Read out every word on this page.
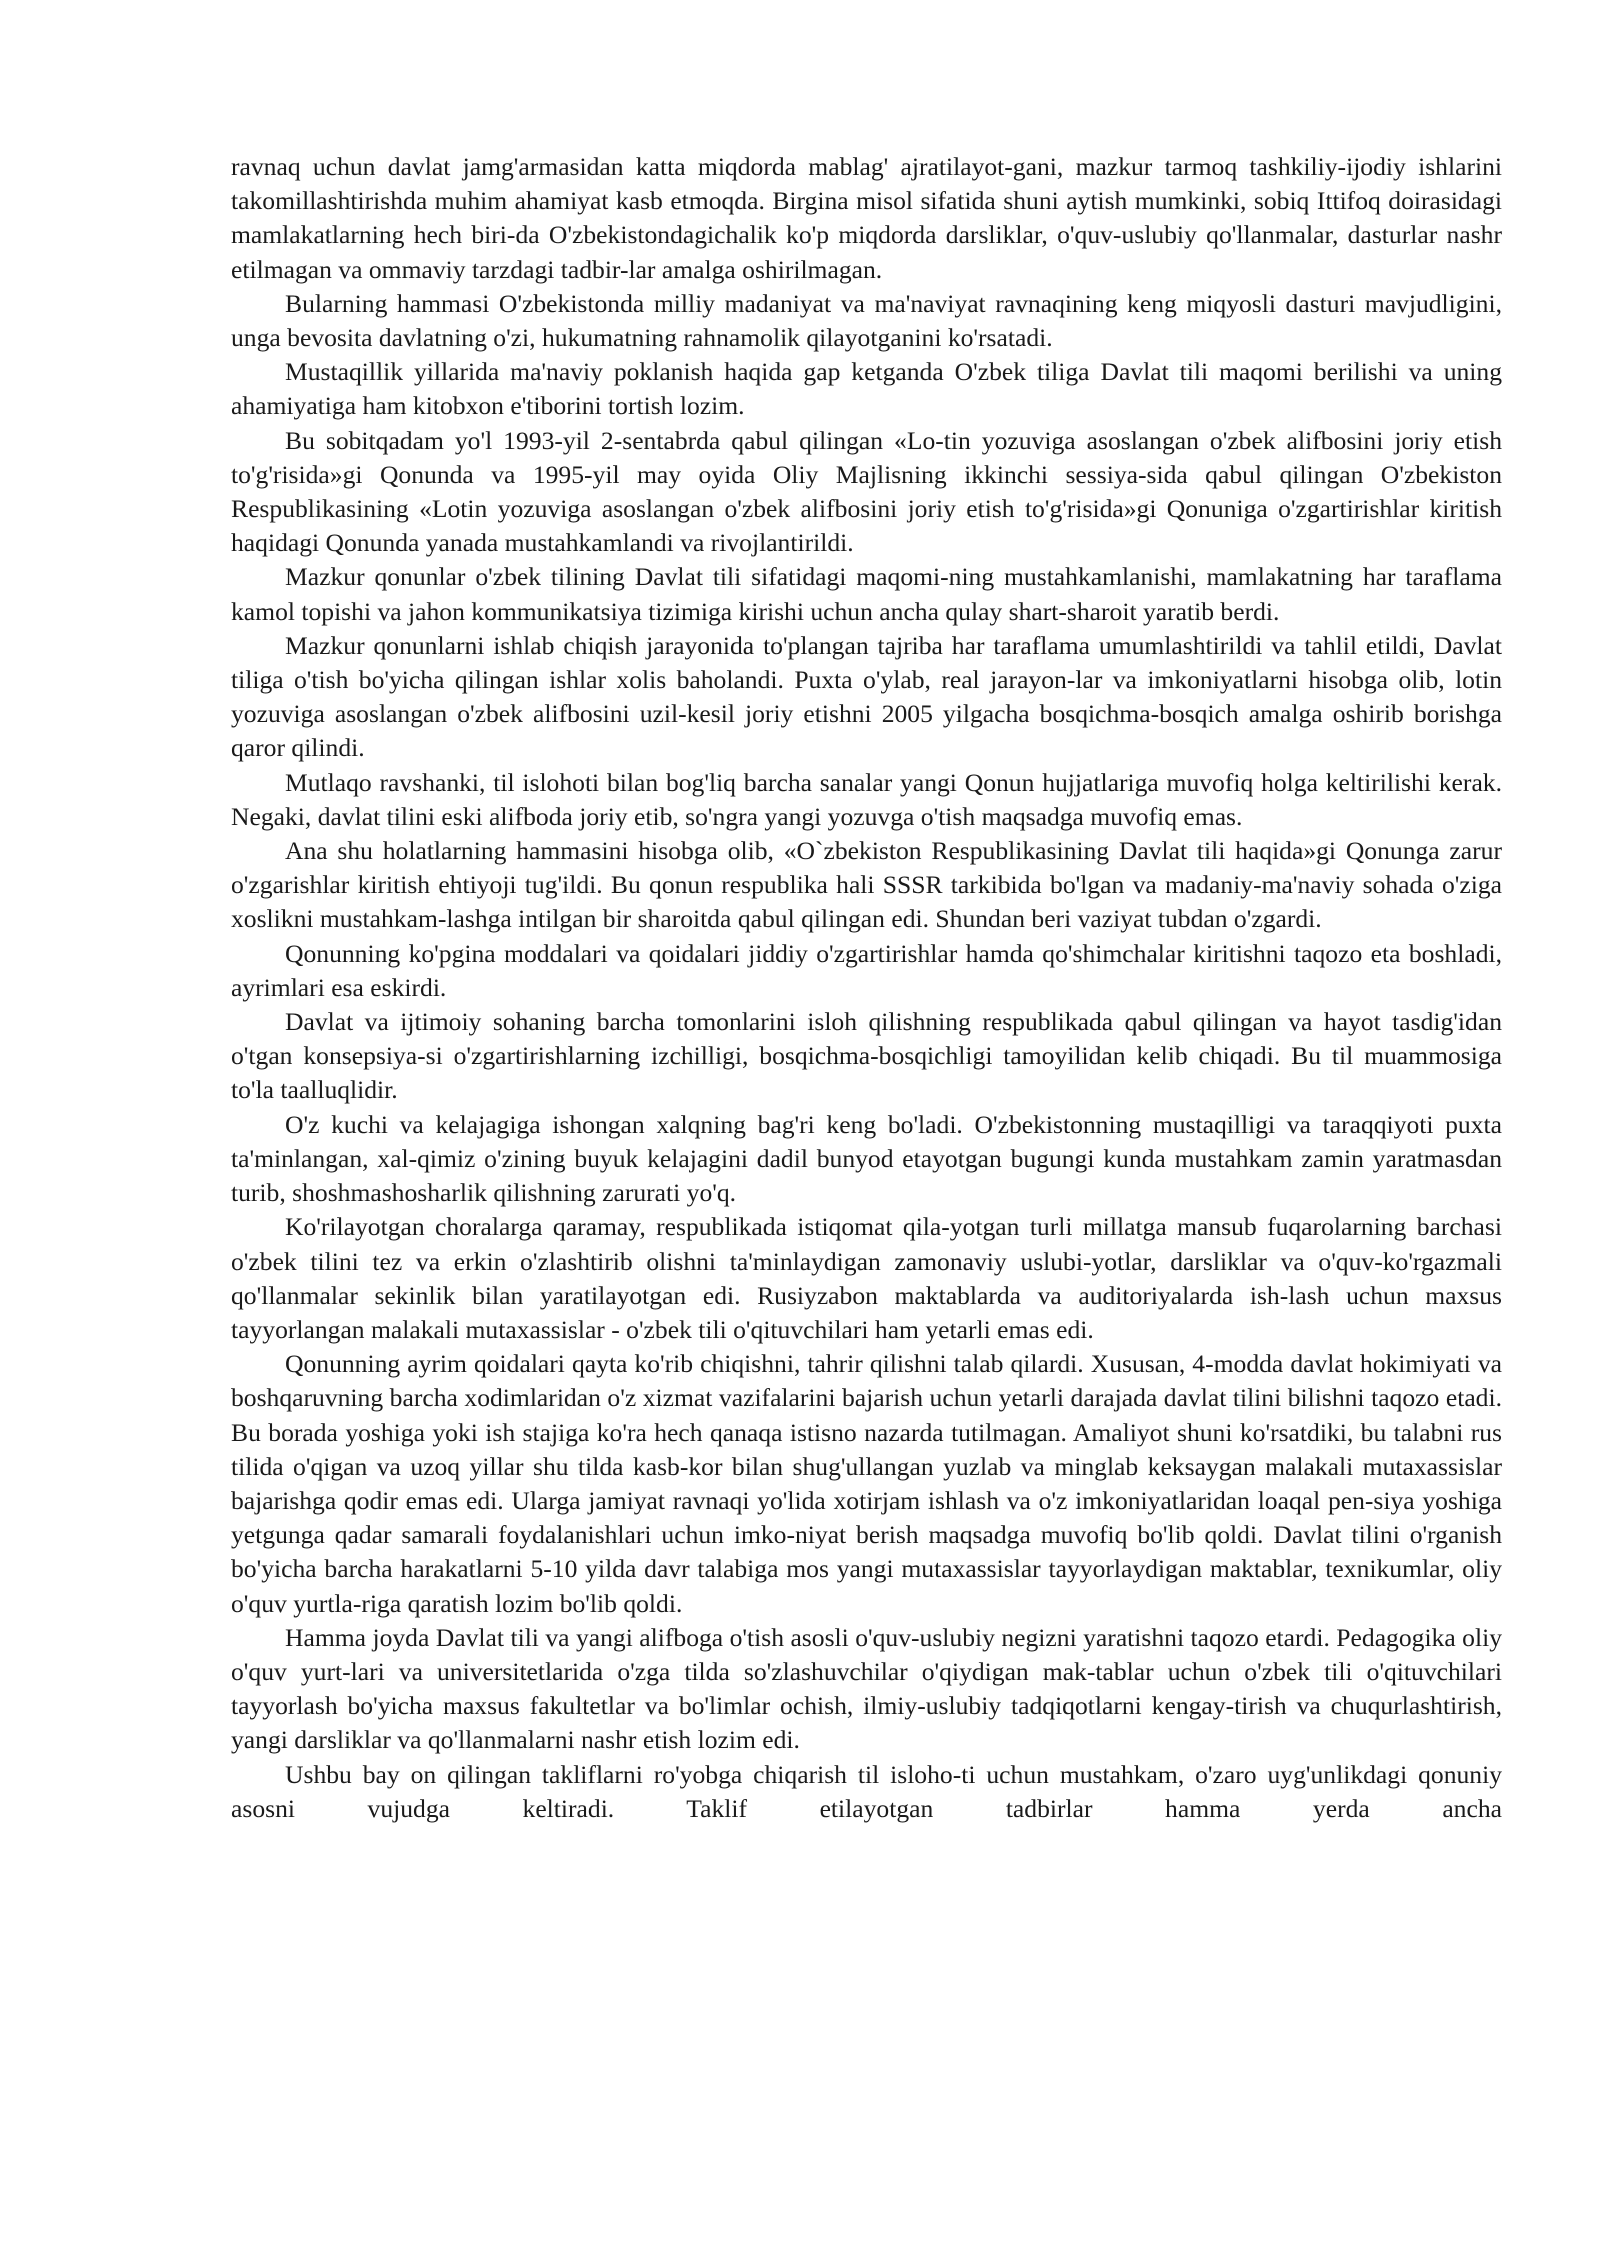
ravnaq uchun davlat jamg'armasidan katta miqdorda mablag' ajratilayot-gani, mazkur tarmoq tashkiliy-ijodiy ishlarini takomillashtirishda muhim ahamiyat kasb etmoqda. Birgina misol sifatida shuni aytish mumkinki, sobiq Ittifoq doirasidagi mamlakatlarning hech biri-da O'zbekistondagichalik ko'p miqdorda darsliklar, o'quv-uslubiy qo'llanmalar, dasturlar nashr etilmagan va ommaviy tarzdagi tadbir-lar amalga oshirilmagan.

Bularning hammasi O'zbekistonda milliy madaniyat va ma'naviyat ravnaqining keng miqyosli dasturi mavjudligini, unga bevosita davlatning o'zi, hukumatning rahnamolik qilayotganini ko'rsatadi.

Mustaqillik yillarida ma'naviy poklanish haqida gap ketganda O'zbek tiliga Davlat tili maqomi berilishi va uning ahamiyatiga ham kitobxon e'tiborini tortish lozim.

Bu sobitqadam yo'l 1993-yil 2-sentabrda qabul qilingan «Lo-tin yozuviga asoslangan o'zbek alifbosini joriy etish to'g'risida»gi Qonunda va 1995-yil may oyida Oliy Majlisning ikkinchi sessiya-sida qabul qilingan O'zbekiston Respublikasining «Lotin yozuviga asoslangan o'zbek alifbosini joriy etish to'g'risida»gi Qonuniga o'zgartirishlar kiritish haqidagi Qonunda yanada mustahkamlandi va rivojlantirildi.

Mazkur qonunlar o'zbek tilining Davlat tili sifatidagi maqomi-ning mustahkamlanishi, mamlakatning har taraflama kamol topishi va jahon kommunikatsiya tizimiga kirishi uchun ancha qulay shart-sharoit yaratib berdi.

Mazkur qonunlarni ishlab chiqish jarayonida to'plangan tajriba har taraflama umumlashtirildi va tahlil etildi, Davlat tiliga o'tish bo'yicha qilingan ishlar xolis baholandi. Puxta o'ylab, real jarayon-lar va imkoniyatlarni hisobga olib, lotin yozuviga asoslangan o'zbek alifbosini uzil-kesil joriy etishni 2005 yilgacha bosqichma-bosqich amalga oshirib borishga qaror qilindi.

Mutlaqo ravshanki, til islohoti bilan bog'liq barcha sanalar yangi Qonun hujjatlariga muvofiq holga keltirilishi kerak. Negaki, davlat tilini eski alifboda joriy etib, so'ngra yangi yozuvga o'tish maqsadga muvofiq emas.

Ana shu holatlarning hammasini hisobga olib, «O`zbekiston Respublikasining Davlat tili haqida»gi Qonunga zarur o'zgarishlar kiritish ehtiyoji tug'ildi. Bu qonun respublika hali SSSR tarkibida bo'lgan va madaniy-ma'naviy sohada o'ziga xoslikni mustahkam-lashga intilgan bir sharoitda qabul qilingan edi. Shundan beri vaziyat tubdan o'zgardi.

Qonunning ko'pgina moddalari va qoidalari jiddiy o'zgartirishlar hamda qo'shimchalar kiritishni taqozo eta boshladi, ayrimlari esa eskirdi.

Davlat va ijtimoiy sohaning barcha tomonlarini isloh qilishning respublikada qabul qilingan va hayot tasdig'idan o'tgan konsepsiya-si o'zgartirishlarning izchilligi, bosqichma-bosqichligi tamoyilidan kelib chiqadi. Bu til muammosiga to'la taalluqlidir.

O'z kuchi va kelajagiga ishongan xalqning bag'ri keng bo'ladi. O'zbekistonning mustaqilligi va taraqqiyoti puxta ta'minlangan, xal-qimiz o'zining buyuk kelajagini dadil bunyod etayotgan bugungi kunda mustahkam zamin yaratmasdan turib, shoshmashosharlik qilishning zarurati yo'q.

Ko'rilayotgan choralarga qaramay, respublikada istiqomat qila-yotgan turli millatga mansub fuqarolarning barchasi o'zbek tilini tez va erkin o'zlashtirib olishni ta'minlaydigan zamonaviy uslubi-yotlar, darsliklar va o'quv-ko'rgazmali qo'llanmalar sekinlik bilan yaratilayotgan edi. Rusiyzabon maktablarda va auditoriyalarda ish-lash uchun maxsus tayyorlangan malakali mutaxassislar - o'zbek tili o'qituvchilari ham yetarli emas edi.

Qonunning ayrim qoidalari qayta ko'rib chiqishni, tahrir qilishni talab qilardi. Xususan, 4-modda davlat hokimiyati va boshqaruvning barcha xodimlaridan o'z xizmat vazifalarini bajarish uchun yetarli darajada davlat tilini bilishni taqozo etadi. Bu borada yoshiga yoki ish stajiga ko'ra hech qanaqa istisno nazarda tutilmagan. Amaliyot shuni ko'rsatdiki, bu talabni rus tilida o'qigan va uzoq yillar shu tilda kasb-kor bilan shug'ullangan yuzlab va minglab keksaygan malakali mutaxassislar bajarishga qodir emas edi. Ularga jamiyat ravnaqi yo'lida xotirjam ishlash va o'z imkoniyatlaridan loaqal pen-siya yoshiga yetgunga qadar samarali foydalanishlari uchun imko-niyat berish maqsadga muvofiq bo'lib qoldi. Davlat tilini o'rganish bo'yicha barcha harakatlarni 5-10 yilda davr talabiga mos yangi mutaxassislar tayyorlaydigan maktablar, texnikumlar, oliy o'quv yurtla-riga qaratish lozim bo'lib qoldi.

Hamma joyda Davlat tili va yangi alifboga o'tish asosli o'quv-uslubiy negizni yaratishni taqozo etardi. Pedagogika oliy o'quv yurt-lari va universitetlarida o'zga tilda so'zlashuvchilar o'qiydigan mak-tablar uchun o'zbek tili o'qituvchilari tayyorlash bo'yicha maxsus fakultetlar va bo'limlar ochish, ilmiy-uslubiy tadqiqotlarni kengay-tirish va chuqurlashtirish, yangi darsliklar va qo'llanmalarni nashr etish lozim edi.

Ushbu bay on qilingan takliflarni ro'yobga chiqarish til isloho-ti uchun mustahkam, o'zaro uyg'unlikdagi qonuniy asosni vujudga keltiradi. Taklif etilayotgan tadbirlar hamma yerda ancha
